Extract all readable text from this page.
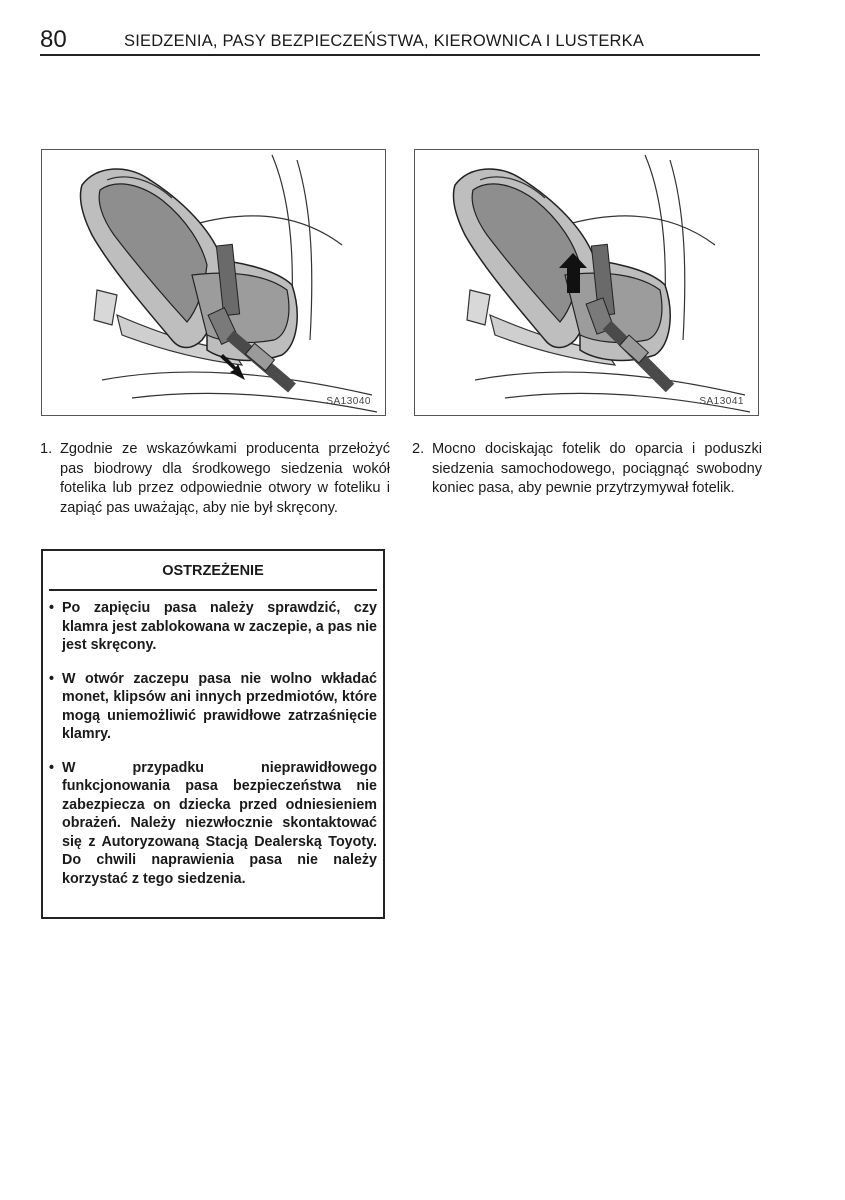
80	SIEDZENIA, PASY BEZPIECZEŃSTWA, KIEROWNICA I LUSTERKA
SA13040	SA13041
1. Zgodnie ze wskazówkami producenta przełożyć pas biodrowy dla środkowego siedzenia wokół fotelika lub przez odpowiednie otwory w foteliku i zapiąć pas uważając, aby nie był skręcony.
2. Mocno dociskając fotelik do oparcia i poduszki siedzenia samochodowego, pociągnąć swobodny koniec pasa, aby pewnie przytrzymywał fotelik.
OSTRZEŻENIE
• Po zapięciu pasa należy sprawdzić, czy klamra jest zablokowana w zaczepie, a pas nie jest skręcony.
• W otwór zaczepu pasa nie wolno wkładać monet, klipsów ani innych przedmiotów, które mogą uniemożliwić prawidłowe zatrzaśnięcie klamry.
• W przypadku nieprawidłowego funkcjonowania pasa bezpieczeństwa nie zabezpiecza on dziecka przed odniesieniem obrażeń. Należy niezwłocznie skontaktować się z Autoryzowaną Stacją Dealerską Toyoty. Do chwili naprawienia pasa nie należy korzystać z tego siedzenia.
